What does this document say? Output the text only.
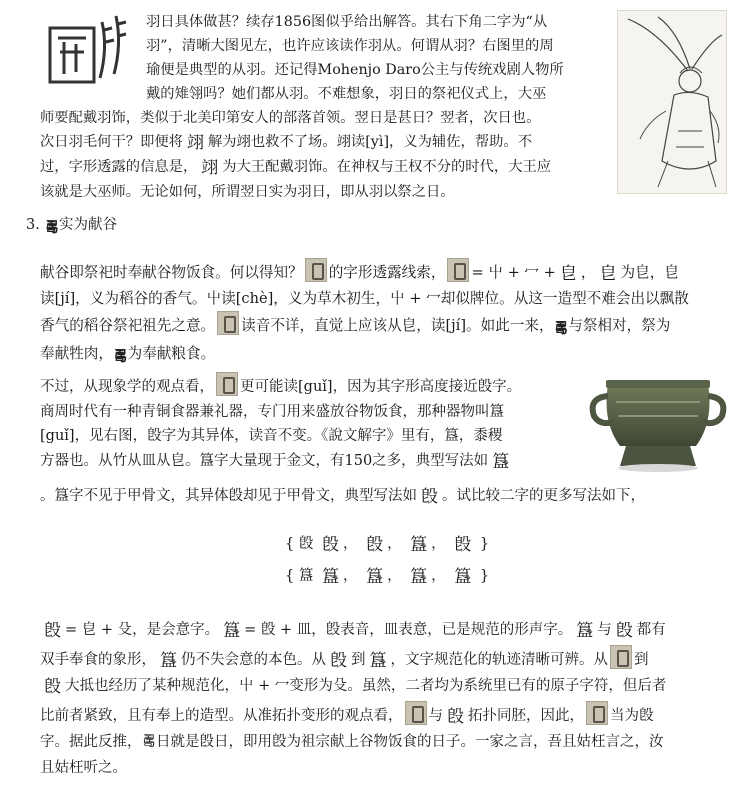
羽日具体做甚？续存1856图似乎给出解答。其右下角二字为“从
羽”，清晰大图见左，也许应该读作羽从。何谓从羽？右图里的周
瑜便是典型的从羽。还记得Mohenjo Daro公主与传统戏剧人物所
戴的雉翎吗？她们都从羽。不难想象，羽日的祭祀仪式上，大巫
师要配戴羽饰，类似于北美印第安人的部落首领。翌日是甚日？翌者，次日也。
次日羽毛何干？即便将 翊 解为翊也救不了场。翊读[yì]，义为辅佐，帮助。不
过，字形透露的信息是， 翊 为大王配戴羽饰。在神权与王权不分的时代，大王应
该就是大巫师。无论如何，所谓翌日实为羽日，即从羽以祭之日。
3. 𠷎实为献谷
献谷即祭祀时奉献谷物饭食。何以得知？ 的字形透露线索， = 屮 + 冖 + 皀 ， 皀 为皀，皀
读[jí]，义为稻谷的香气。屮读[chè]，义为草木初生，屮 + 冖却似牌位。从这一造型不难会出以飘散
香气的稻谷祭祀祖先之意。 读音不详，直觉上应该从皀，读[jí]。如此一来，𠷎与祭相对，祭为
奉献牲肉，𠷎为奉献粮食。
不过，从现象学的观点看， 更可能读[guǐ]，因为其字形高度接近𣪘字。
商周时代有一种青铜食器兼礼器，专门用来盛放谷物饭食，那种器物叫簋
[guǐ]，见右图，𣪘字为其异体，读音不变。《說文解字》里有，簋，黍稷
方器也。从竹从皿从皀。簋字大量现于金文，有150之多，典型写法如 簋
。簋字不见于甲骨文，其异体𣪘却见于甲骨文，典型写法如 𣪘 。试比较二字的更多写法如下，
{ 𣪘 𣪘 ， 𣪘 ， 簋 ， 𣪘 }
{ 簋 簋 ， 簋 ， 簋 ， 簋 }
𣪘 = 皀 + 殳，是会意字。 簋 = 𣪘 + 皿，𣪘表音，皿表意，已是规范的形声字。 簋 与 𣪘 都有
双手奉食的象形， 簋 仍不失会意的本色。从 𣪘 到 簋 ，文字规范化的轨迹清晰可辨。从 到
𣪘 大抵也经历了某种规范化，屮 + 冖变形为殳。虽然，二者均为系统里已有的原子字符，但后者
比前者紧致，且有奉上的造型。从准拓扑变形的观点看， 与 𣪘 拓扑同胚，因此， 当为𣪘
字。据此反推，𠷎日就是𣪘日，即用𣪘为祖宗献上谷物饭食的日子。一家之言，吾且姑枉言之，汝
且姑枉听之。
